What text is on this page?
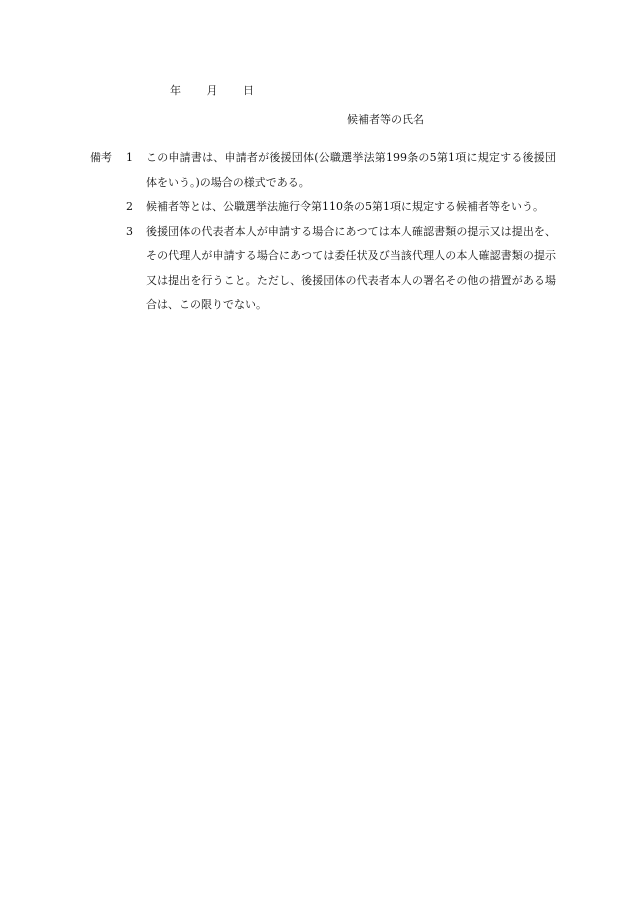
年 月 日
候補者等の氏名
備考 1 この申請書は、申請者が後援団体(公職選挙法第199条の5第1項に規定する後援団体をいう。)の場合の様式である。
2 候補者等とは、公職選挙法施行令第110条の5第1項に規定する候補者等をいう。
3 後援団体の代表者本人が申請する場合にあつては本人確認書類の提示又は提出を、その代理人が申請する場合にあつては委任状及び当該代理人の本人確認書類の提示又は提出を行うこと。ただし、後援団体の代表者本人の署名その他の措置がある場合は、この限りでない。
